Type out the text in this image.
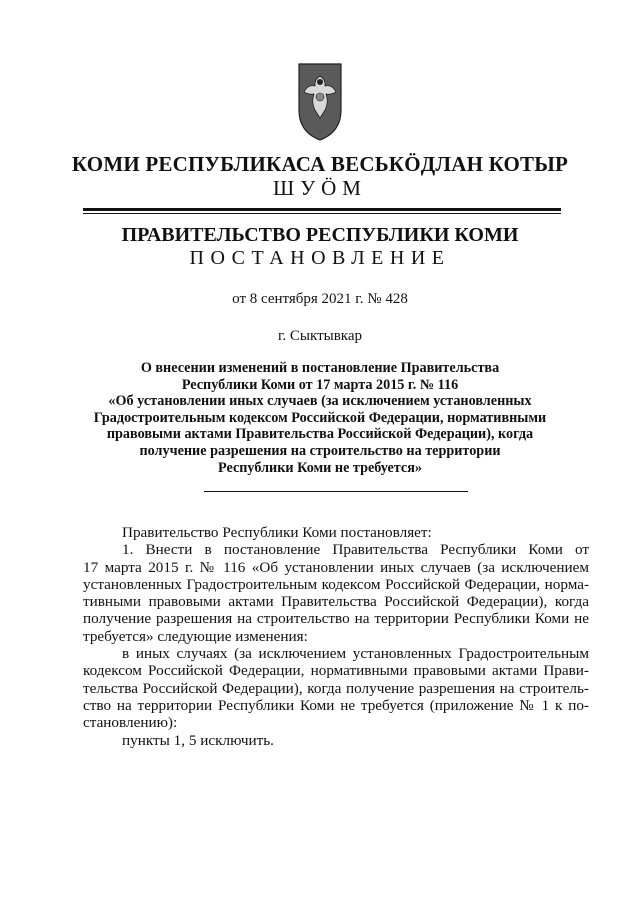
КОМИ РЕСПУБЛИКАСА ВЕСЬКÖДЛАН КОТЫР
ШУÖМ
ПРАВИТЕЛЬСТВО РЕСПУБЛИКИ КОМИ
ПОСТАНОВЛЕНИЕ
от 8 сентября 2021 г. № 428
г. Сыктывкар
О внесении изменений в постановление Правительства
Республики Коми от 17 марта 2015 г. № 116
«Об установлении иных случаев (за исключением установленных
Градостроительным кодексом Российской Федерации, нормативными
правовыми актами Правительства Российской Федерации), когда
получение разрешения на строительство на территории
Республики Коми не требуется»

Правительство Республики Коми постановляет:

1. Внести в постановление Правительства Республики Коми от

17 марта 2015 г. № 116 «Об установлении иных случаев (за исключением

установленных Градостроительным кодексом Российской Федерации, норма-

тивными правовыми актами Правительства Российской Федерации), когда

получение разрешения на строительство на территории Республики Коми не

требуется» следующие изменения:

в иных случаях (за исключением установленных Градостроительным

кодексом Российской Федерации, нормативными правовыми актами Прави-

тельства Российской Федерации), когда получение разрешения на строитель-

ство на территории Республики Коми не требуется (приложение № 1 к по-

становлению):

пункты 1, 5 исключить.
